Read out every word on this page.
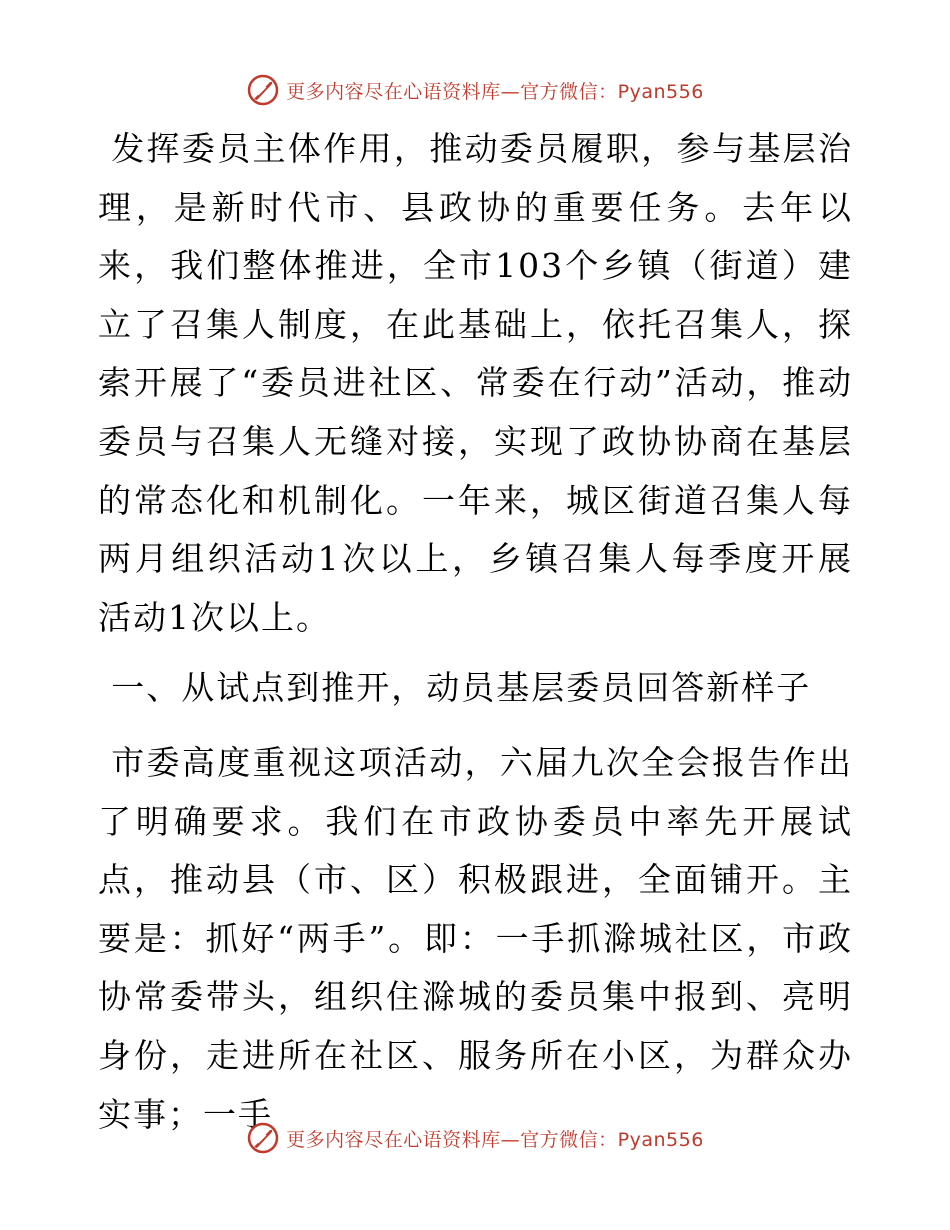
更多内容尽在心语资料库—官方微信：Pyan556

发挥委员主体作用，推动委员履职，参与基层治理，是新时代市、县政协的重要任务。去年以来，我们整体推进，全市103个乡镇（街道）建立了召集人制度，在此基础上，依托召集人，探索开展了“委员进社区、常委在行动”活动，推动委员与召集人无缝对接，实现了政协协商在基层的常态化和机制化。一年来，城区街道召集人每两月组织活动1次以上，乡镇召集人每季度开展活动1次以上。

一、从试点到推开，动员基层委员回答新样子

市委高度重视这项活动，六届九次全会报告作出了明确要求。我们在市政协委员中率先开展试点，推动县（市、区）积极跟进，全面铺开。主要是：抓好“两手”。即：一手抓滁城社区，市政协常委带头，组织住滁城的委员集中报到、亮明身份，走进所在社区、服务所在小区，为群众办实事；一手

更多内容尽在心语资料库—官方微信：Pyan556
